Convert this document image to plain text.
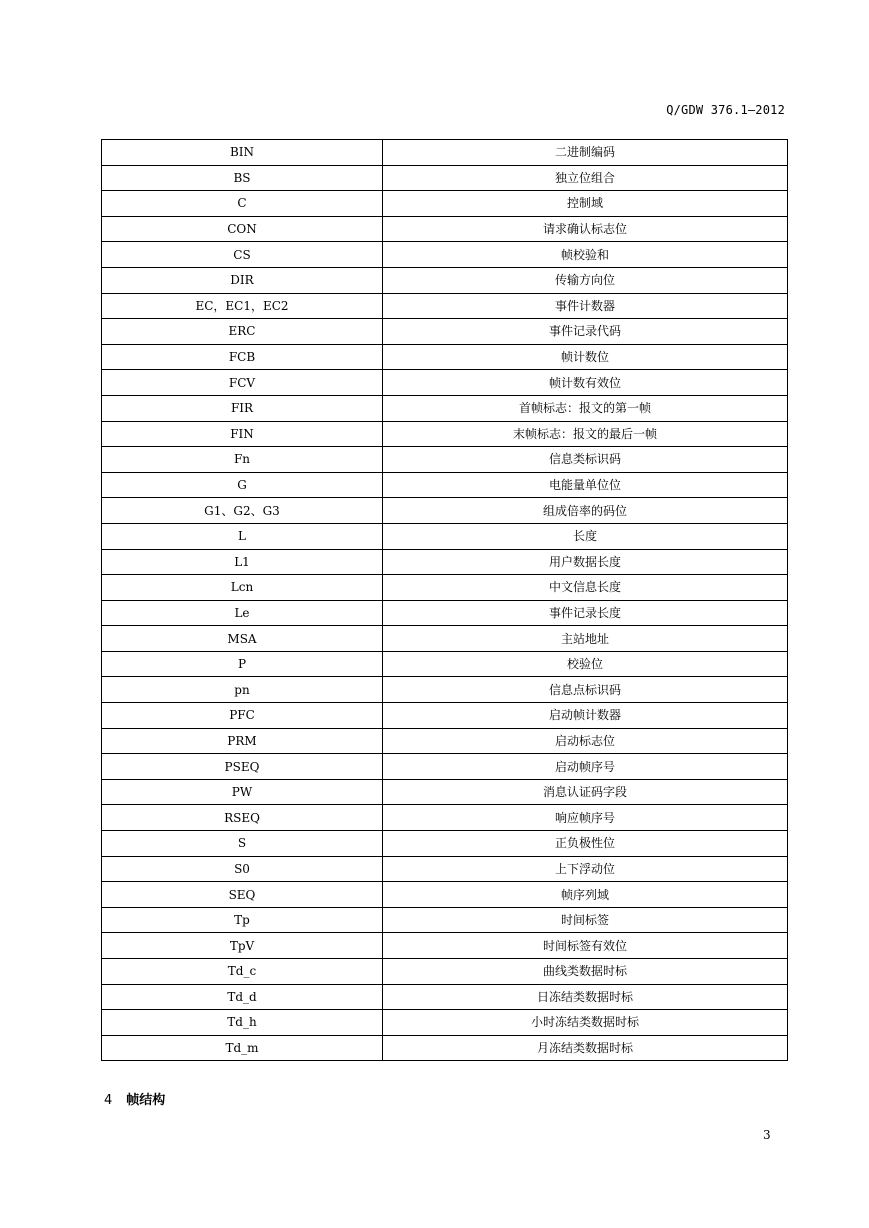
Q/GDW 376.1—2012
BIN	二进制编码
BS	独立位组合
C	控制域
CON	请求确认标志位
CS	帧校验和
DIR	传输方向位
EC，EC1，EC2	事件计数器
ERC	事件记录代码
FCB	帧计数位
FCV	帧计数有效位
FIR	首帧标志：报文的第一帧
FIN	末帧标志：报文的最后一帧
Fn	信息类标识码
G	电能量单位位
G1、G2、G3	组成倍率的码位
L	长度
L1	用户数据长度
Lcn	中文信息长度
Le	事件记录长度
MSA	主站地址
P	校验位
pn	信息点标识码
PFC	启动帧计数器
PRM	启动标志位
PSEQ	启动帧序号
PW	消息认证码字段
RSEQ	响应帧序号
S	正负极性位
S0	上下浮动位
SEQ	帧序列域
Tp	时间标签
TpV	时间标签有效位
Td_c	曲线类数据时标
Td_d	日冻结类数据时标
Td_h	小时冻结类数据时标
Td_m	月冻结类数据时标
4 帧结构
3
